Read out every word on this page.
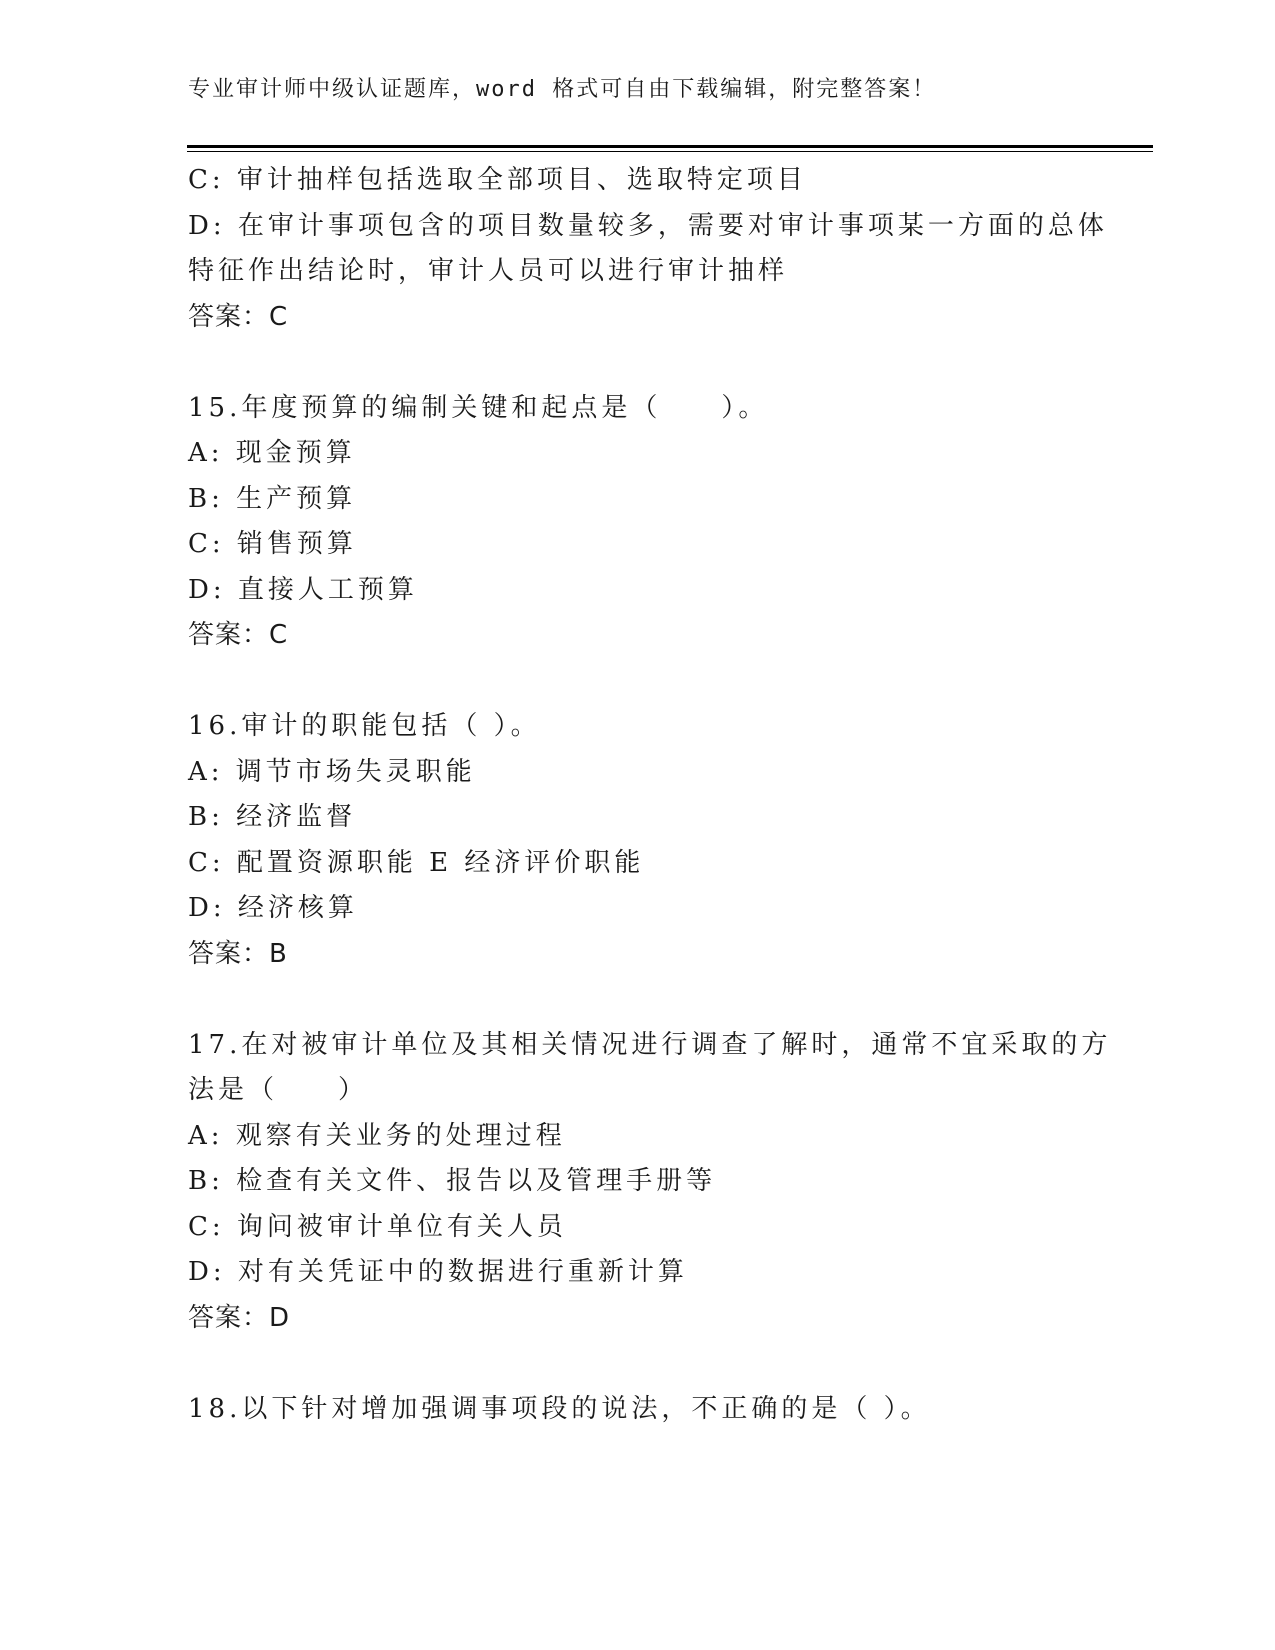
专业审计师中级认证题库，word 格式可自由下载编辑，附完整答案！
C: 审计抽样包括选取全部项目、选取特定项目
D: 在审计事项包含的项目数量较多，需要对审计事项某一方面的总体
特征作出结论时，审计人员可以进行审计抽样
答案：C
15.年度预算的编制关键和起点是（　　）。
A: 现金预算
B: 生产预算
C: 销售预算
D: 直接人工预算
答案：C
16.审计的职能包括（ ）。
A: 调节市场失灵职能
B: 经济监督
C: 配置资源职能 E 经济评价职能
D: 经济核算
答案：B
17.在对被审计单位及其相关情况进行调查了解时，通常不宜采取的方
法是（　　）
A: 观察有关业务的处理过程
B: 检查有关文件、报告以及管理手册等
C: 询问被审计单位有关人员
D: 对有关凭证中的数据进行重新计算
答案：D
18.以下针对增加强调事项段的说法，不正确的是（ ）。
